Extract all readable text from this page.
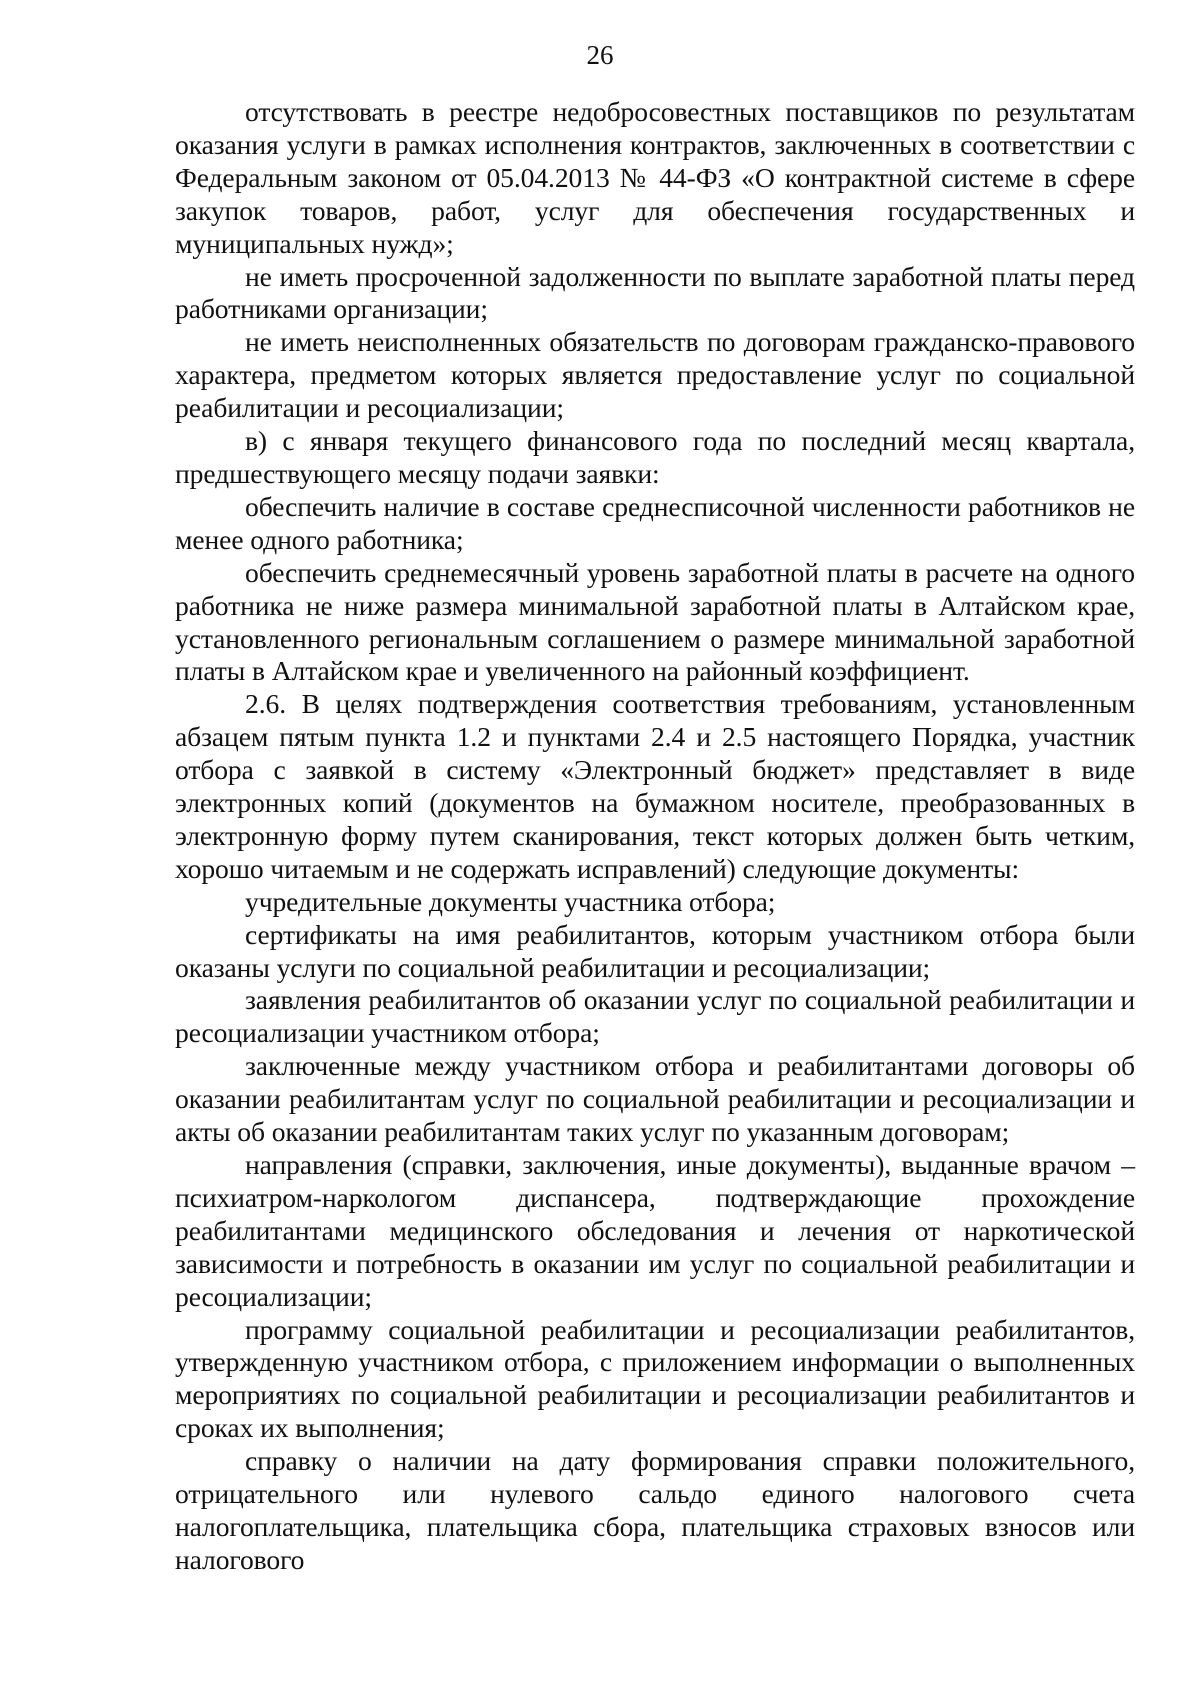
26

отсутствовать в реестре недобросовестных поставщиков по результатам оказания услуги в рамках исполнения контрактов, заключенных в соответствии с Федеральным законом от 05.04.2013 № 44-ФЗ «О контрактной системе в сфере закупок товаров, работ, услуг для обеспечения государственных и муниципальных нужд»;

не иметь просроченной задолженности по выплате заработной платы перед работниками организации;

не иметь неисполненных обязательств по договорам гражданско-правового характера, предметом которых является предоставление услуг по социальной реабилитации и ресоциализации;

в) с января текущего финансового года по последний месяц квартала, предшествующего месяцу подачи заявки:

обеспечить наличие в составе среднесписочной численности работников не менее одного работника;

обеспечить среднемесячный уровень заработной платы в расчете на одного работника не ниже размера минимальной заработной платы в Алтайском крае, установленного региональным соглашением о размере минимальной заработной платы в Алтайском крае и увеличенного на районный коэффициент.

2.6. В целях подтверждения соответствия требованиям, установленным абзацем пятым пункта 1.2 и пунктами 2.4 и 2.5 настоящего Порядка, участник отбора с заявкой в систему «Электронный бюджет» представляет в виде электронных копий (документов на бумажном носителе, преобразованных в электронную форму путем сканирования, текст которых должен быть четким, хорошо читаемым и не содержать исправлений) следующие документы:

учредительные документы участника отбора;

сертификаты на имя реабилитантов, которым участником отбора были оказаны услуги по социальной реабилитации и ресоциализации;

заявления реабилитантов об оказании услуг по социальной реабилитации и ресоциализации участником отбора;

заключенные между участником отбора и реабилитантами договоры об оказании реабилитантам услуг по социальной реабилитации и ресоциализации и акты об оказании реабилитантам таких услуг по указанным договорам;

направления (справки, заключения, иные документы), выданные врачом – психиатром-наркологом диспансера, подтверждающие прохождение реабилитантами медицинского обследования и лечения от наркотической зависимости и потребность в оказании им услуг по социальной реабилитации и ресоциализации;

программу социальной реабилитации и ресоциализации реабилитантов, утвержденную участником отбора, с приложением информации о выполненных мероприятиях по социальной реабилитации и ресоциализации реабилитантов и сроках их выполнения;

справку о наличии на дату формирования справки положительного, отрицательного или нулевого сальдо единого налогового счета налогоплательщика, плательщика сбора, плательщика страховых взносов или налогового
